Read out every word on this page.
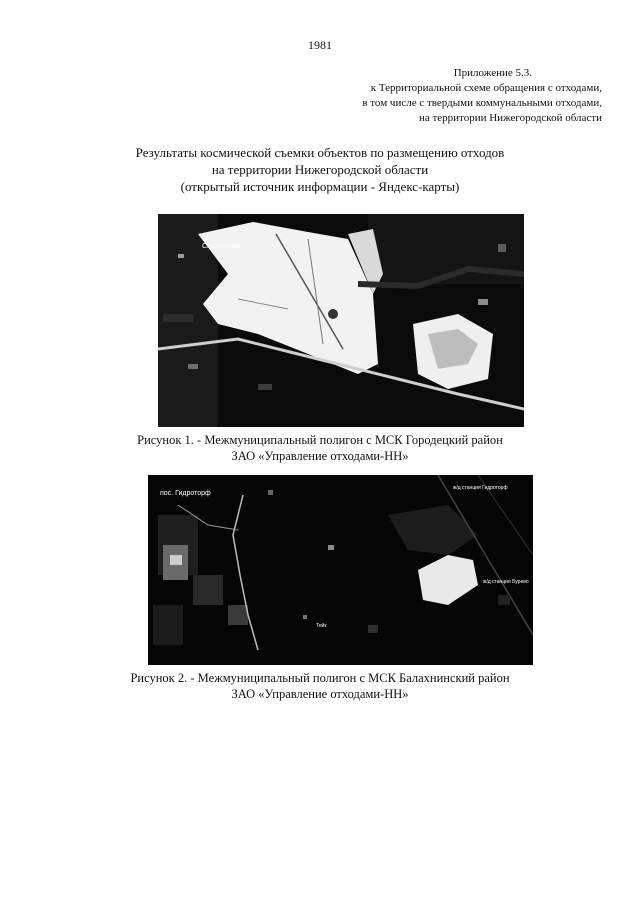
1981
Приложение 5.3.
к Территориальной схеме обращения с отходами,
в том числе с твердыми коммунальными отходами,
на территории Нижегородской области
Результаты космической съемки объектов по размещению отходов
на территории Нижегородской области
(открытый источник информации - Яндекс-карты)
Скорлупино
Рисунок 1. - Межмуниципальный полигон с МСК Городецкий район
ЗАО «Управление отходами-НН»
пос. Гидроторф
ж/д станция Гидроторф
ж/д станция Бурево
Тейк
Рисунок 2. - Межмуниципальный полигон с МСК Балахнинский район
ЗАО «Управление отходами-НН»
